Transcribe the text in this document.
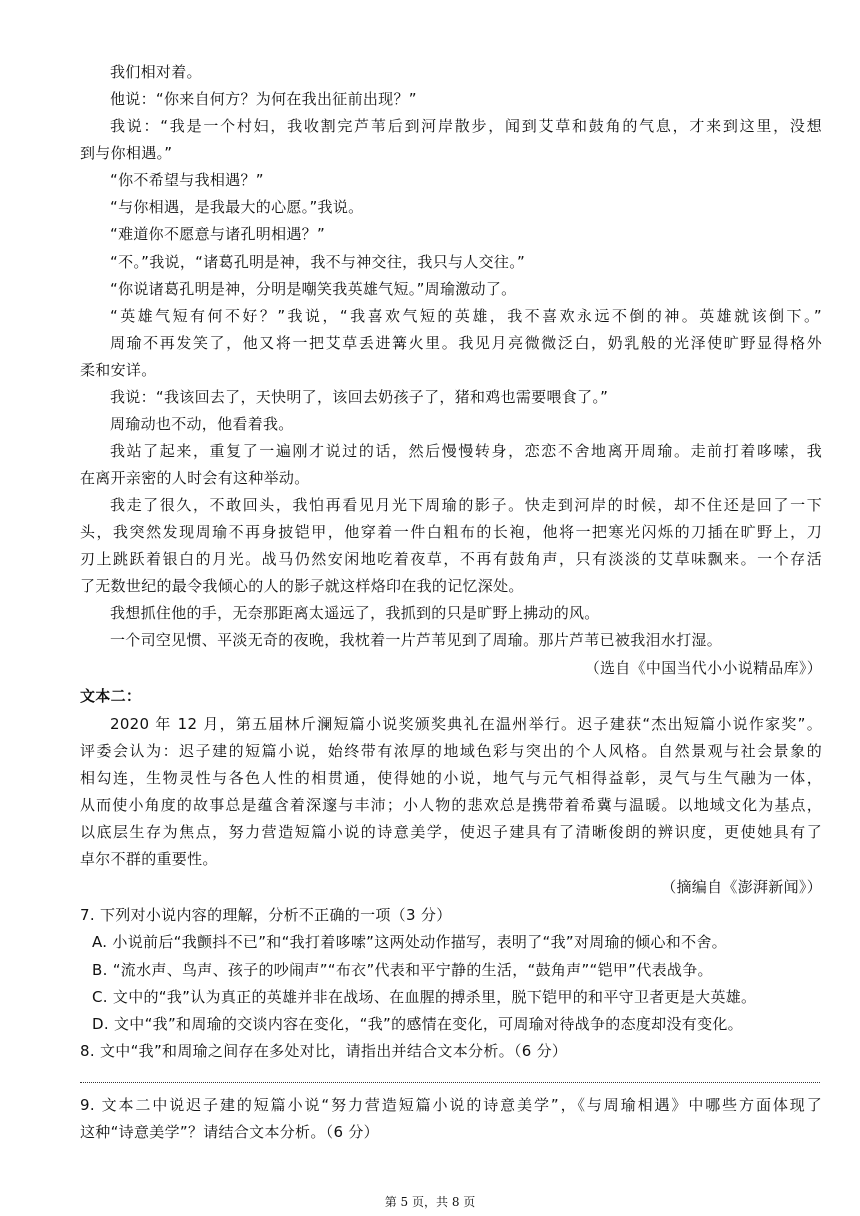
我们相对着。
他说：“你来自何方？为何在我出征前出现？”
我说：“我是一个村妇，我收割完芦苇后到河岸散步，闻到艾草和鼓角的气息，才来到这里，没想
到与你相遇。”
“你不希望与我相遇？”
“与你相遇，是我最大的心愿。”我说。
“难道你不愿意与诸孔明相遇？”
“不。”我说，“诸葛孔明是神，我不与神交往，我只与人交往。”
“你说诸葛孔明是神，分明是嘲笑我英雄气短。”周瑜激动了。
“英雄气短有何不好？”我说，“我喜欢气短的英雄，我不喜欢永远不倒的神。英雄就该倒下。”
周瑜不再发笑了，他又将一把艾草丢进篝火里。我见月亮微微泛白，奶乳般的光泽使旷野显得格外
柔和安详。
我说：“我该回去了，天快明了，该回去奶孩子了，猪和鸡也需要喂食了。”
周瑜动也不动，他看着我。
我站了起来，重复了一遍刚才说过的话，然后慢慢转身，恋恋不舍地离开周瑜。走前打着哆嗦，我
在离开亲密的人时会有这种举动。
我走了很久，不敢回头，我怕再看见月光下周瑜的影子。快走到河岸的时候，却不住还是回了一下
头，我突然发现周瑜不再身披铠甲，他穿着一件白粗布的长袍，他将一把寒光闪烁的刀插在旷野上，刀
刃上跳跃着银白的月光。战马仍然安闲地吃着夜草，不再有鼓角声，只有淡淡的艾草味飘来。一个存活
了无数世纪的最令我倾心的人的影子就这样烙印在我的记忆深处。
我想抓住他的手，无奈那距离太遥远了，我抓到的只是旷野上拂动的风。
一个司空见惯、平淡无奇的夜晚，我枕着一片芦苇见到了周瑜。那片芦苇已被我泪水打湿。
（选自《中国当代小小说精品库》）
文本二：
2020 年 12 月，第五届林斤澜短篇小说奖颁奖典礼在温州举行。迟子建获“杰出短篇小说作家奖”。
评委会认为：迟子建的短篇小说，始终带有浓厚的地域色彩与突出的个人风格。自然景观与社会景象的
相勾连，生物灵性与各色人性的相贯通，使得她的小说，地气与元气相得益彰，灵气与生气融为一体，
从而使小角度的故事总是蕴含着深邃与丰沛；小人物的悲欢总是携带着希冀与温暖。以地域文化为基点，
以底层生存为焦点，努力营造短篇小说的诗意美学，使迟子建具有了清晰俊朗的辨识度，更使她具有了
卓尔不群的重要性。
（摘编自《澎湃新闻》）
7. 下列对小说内容的理解，分析不正确的一项（3 分）
A. 小说前后“我颤抖不已”和“我打着哆嗦”这两处动作描写，表明了“我”对周瑜的倾心和不舍。
B. “流水声、鸟声、孩子的吵闹声”“布衣”代表和平宁静的生活，“鼓角声”“铠甲”代表战争。
C. 文中的“我”认为真正的英雄并非在战场、在血腥的搏杀里，脱下铠甲的和平守卫者更是大英雄。
D. 文中“我”和周瑜的交谈内容在变化，“我”的感情在变化，可周瑜对待战争的态度却没有变化。
8. 文中“我”和周瑜之间存在多处对比，请指出并结合文本分析。（6 分）
9. 文本二中说迟子建的短篇小说“努力营造短篇小说的诗意美学”，《与周瑜相遇》中哪些方面体现了
这种“诗意美学”？请结合文本分析。（6 分）
第 5 页，共 8 页
